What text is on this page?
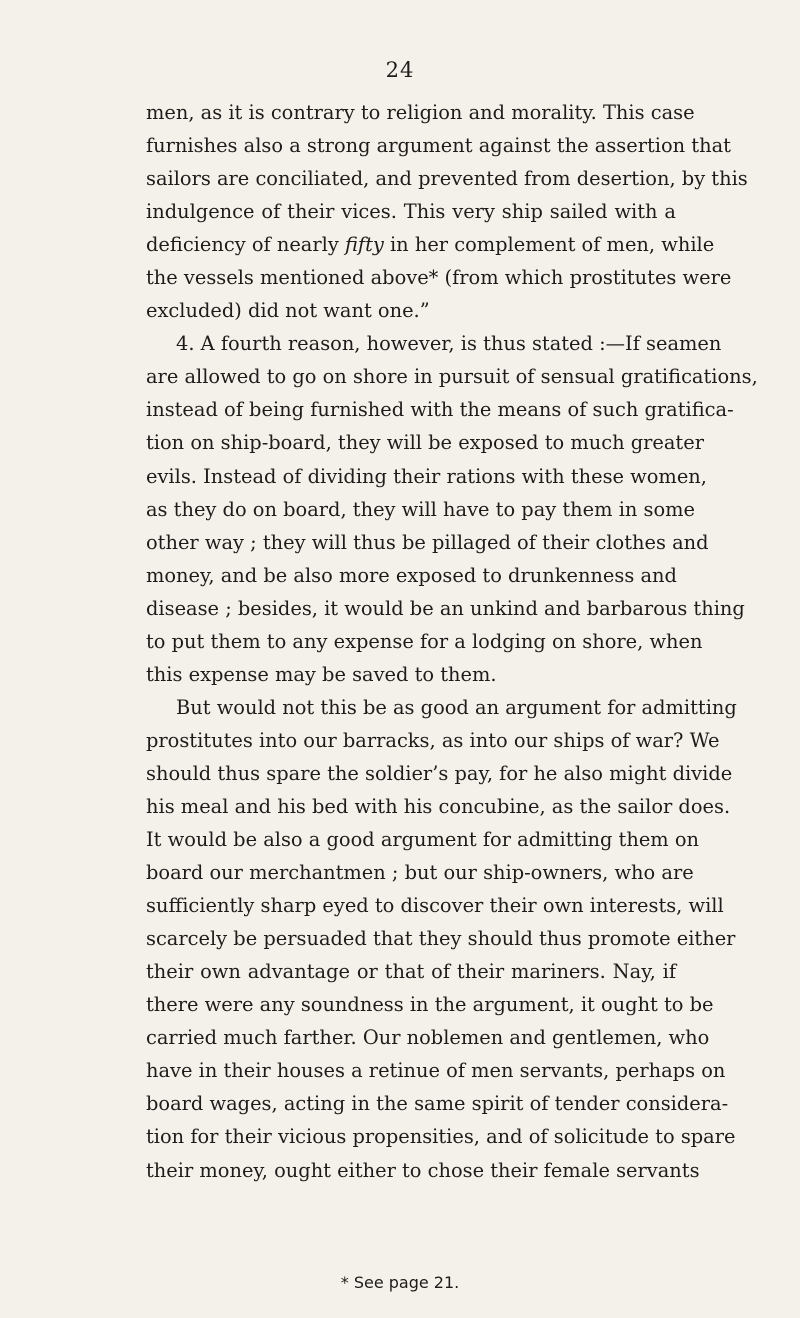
24
men, as it is contrary to religion and morality. This case
furnishes also a strong argument against the assertion that
sailors are conciliated, and prevented from desertion, by this
indulgence of their vices. This very ship sailed with a
deficiency of nearly fifty in her complement of men, while
the vessels mentioned above* (from which prostitutes were
excluded) did not want one.”
4. A fourth reason, however, is thus stated :—If seamen
are allowed to go on shore in pursuit of sensual gratifications,
instead of being furnished with the means of such gratifica-
tion on ship-board, they will be exposed to much greater
evils. Instead of dividing their rations with these women,
as they do on board, they will have to pay them in some
other way ; they will thus be pillaged of their clothes and
money, and be also more exposed to drunkenness and
disease ; besides, it would be an unkind and barbarous thing
to put them to any expense for a lodging on shore, when
this expense may be saved to them.
But would not this be as good an argument for admitting
prostitutes into our barracks, as into our ships of war? We
should thus spare the soldier’s pay, for he also might divide
his meal and his bed with his concubine, as the sailor does.
It would be also a good argument for admitting them on
board our merchantmen ; but our ship-owners, who are
sufficiently sharp eyed to discover their own interests, will
scarcely be persuaded that they should thus promote either
their own advantage or that of their mariners. Nay, if
there were any soundness in the argument, it ought to be
carried much farther. Our noblemen and gentlemen, who
have in their houses a retinue of men servants, perhaps on
board wages, acting in the same spirit of tender considera-
tion for their vicious propensities, and of solicitude to spare
their money, ought either to chose their female servants
* See page 21.
